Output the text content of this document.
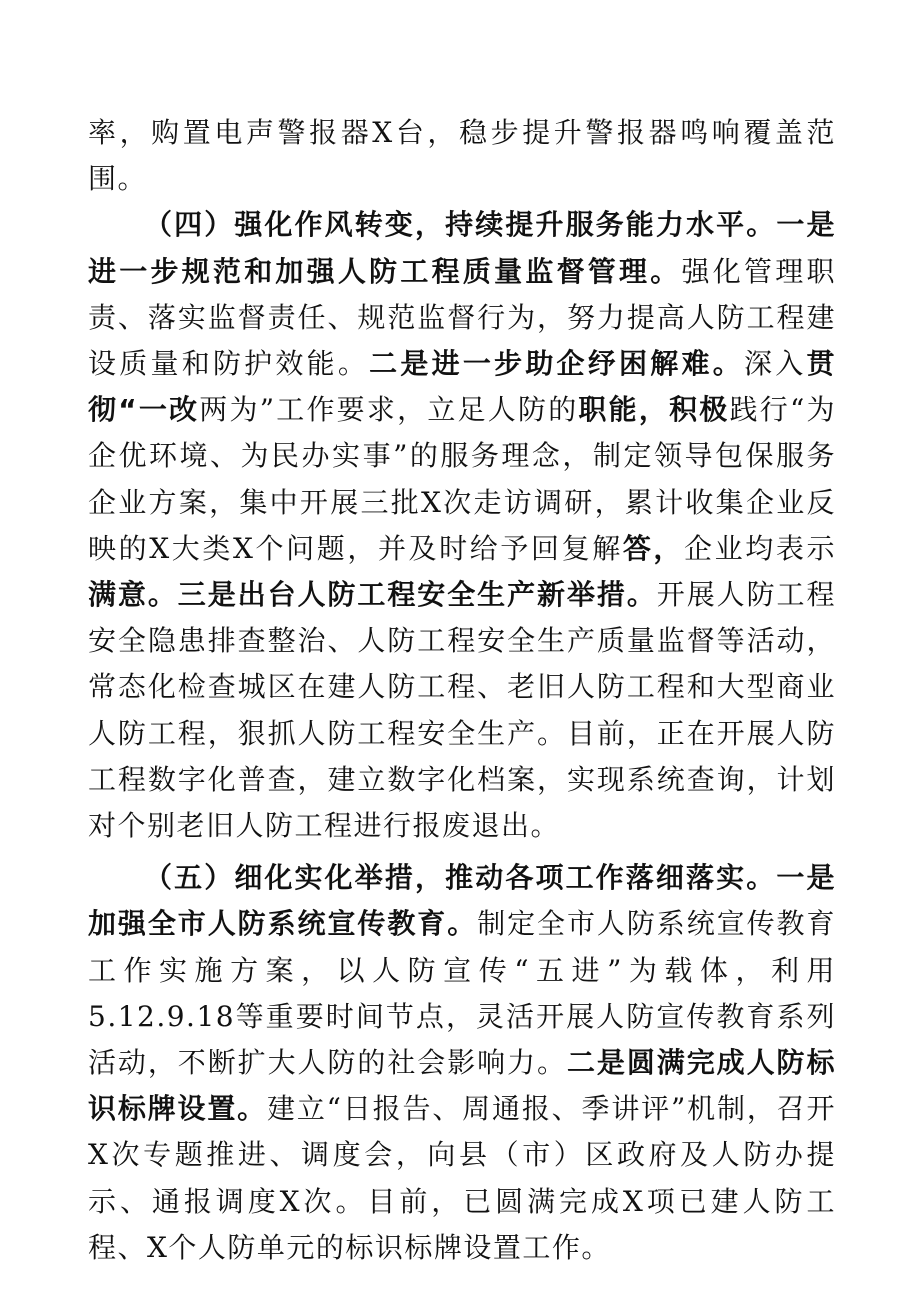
率，购置电声警报器X台，稳步提升警报器鸣响覆盖范围。

（四）强化作风转变，持续提升服务能力水平。一是进一步规范和加强人防工程质量监督管理。强化管理职责、落实监督责任、规范监督行为，努力提高人防工程建设质量和防护效能。二是进一步助企纾困解难。深入贯彻“一改两为”工作要求，立足人防的职能，积极践行“为企优环境、为民办实事”的服务理念，制定领导包保服务企业方案，集中开展三批X次走访调研，累计收集企业反映的X大类X个问题，并及时给予回复解答，企业均表示满意。三是出台人防工程安全生产新举措。开展人防工程安全隐患排查整治、人防工程安全生产质量监督等活动，常态化检查城区在建人防工程、老旧人防工程和大型商业人防工程，狠抓人防工程安全生产。目前，正在开展人防工程数字化普查，建立数字化档案，实现系统查询，计划对个别老旧人防工程进行报废退出。

（五）细化实化举措，推动各项工作落细落实。一是加强全市人防系统宣传教育。制定全市人防系统宣传教育工作实施方案，以人防宣传“五进”为载体，利用5.12.9.18等重要时间节点，灵活开展人防宣传教育系列活动，不断扩大人防的社会影响力。二是圆满完成人防标识标牌设置。建立“日报告、周通报、季讲评”机制，召开X次专题推进、调度会，向县（市）区政府及人防办提示、通报调度X次。目前，已圆满完成X项已建人防工程、X个人防单元的标识标牌设置工作。
